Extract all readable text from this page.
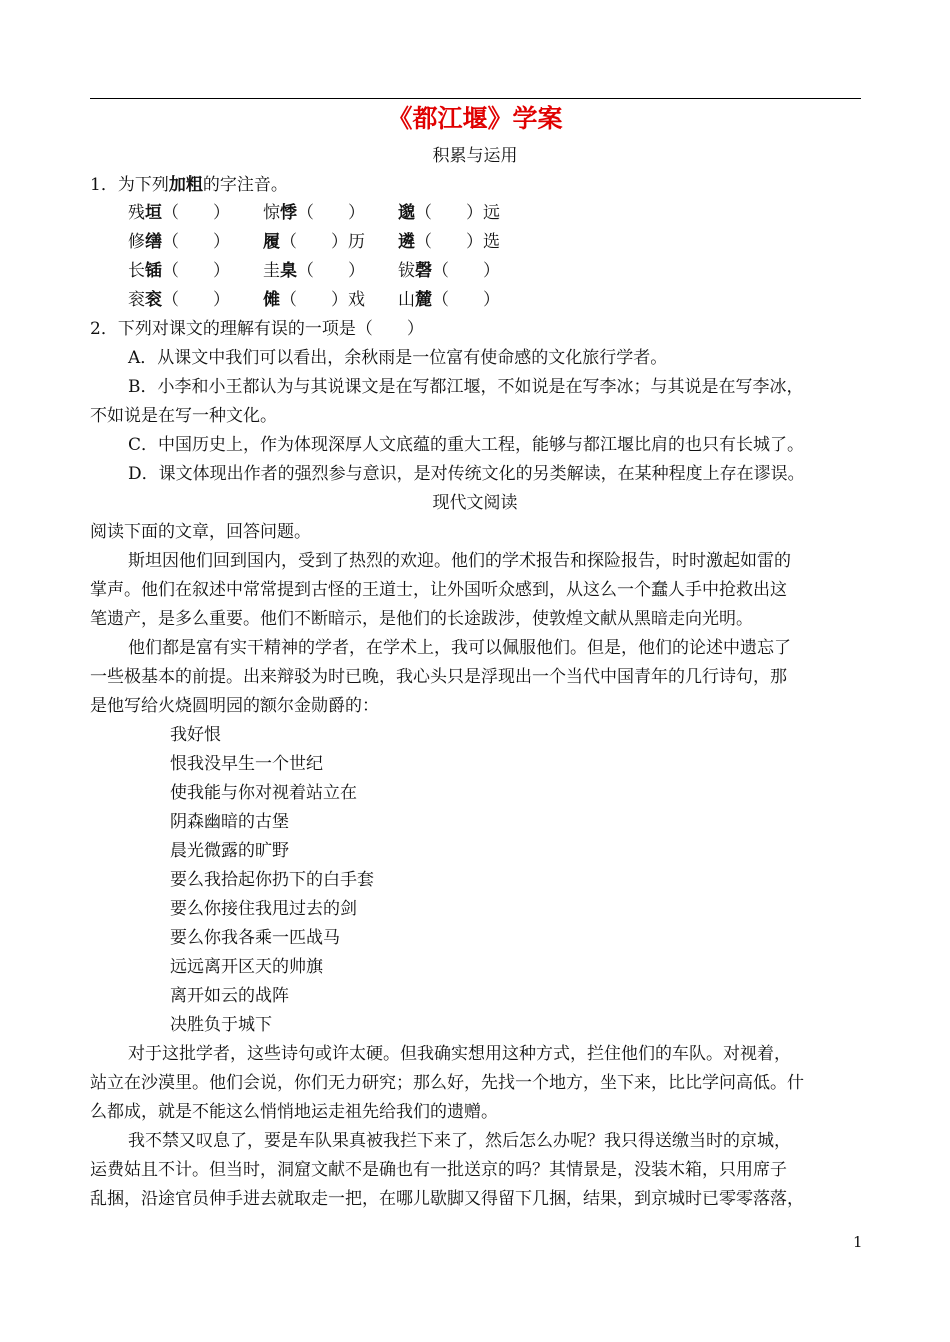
《都江堰》学案
积累与运用
1．为下列加粗的字注音。
残垣（　　） 惊悸（　　） 邈（　　）远
修缮（　　） 履（　　）历 遴（　　）选
长锸（　　） 圭臬（　　） 钹磬（　　）
衮衮（　　） 傩（　　）戏 山麓（　　）
2．下列对课文的理解有误的一项是（　　）
A．从课文中我们可以看出，余秋雨是一位富有使命感的文化旅行学者。
B．小李和小王都认为与其说课文是在写都江堰，不如说是在写李冰；与其说是在写李冰，
不如说是在写一种文化。
C．中国历史上，作为体现深厚人文底蕴的重大工程，能够与都江堰比肩的也只有长城了。
D．课文体现出作者的强烈参与意识，是对传统文化的另类解读，在某种程度上存在谬误。
现代文阅读
阅读下面的文章，回答问题。
斯坦因他们回到国内，受到了热烈的欢迎。他们的学术报告和探险报告，时时激起如雷的
掌声。他们在叙述中常常提到古怪的王道士，让外国听众感到，从这么一个蠢人手中抢救出这
笔遗产，是多么重要。他们不断暗示，是他们的长途跋涉，使敦煌文献从黑暗走向光明。
他们都是富有实干精神的学者，在学术上，我可以佩服他们。但是，他们的论述中遗忘了
一些极基本的前提。出来辩驳为时已晚，我心头只是浮现出一个当代中国青年的几行诗句，那
是他写给火烧圆明园的额尔金勋爵的：
我好恨
恨我没早生一个世纪
使我能与你对视着站立在
阴森幽暗的古堡
晨光微露的旷野
要么我拾起你扔下的白手套
要么你接住我甩过去的剑
要么你我各乘一匹战马
远远离开区天的帅旗
离开如云的战阵
决胜负于城下
对于这批学者，这些诗句或许太硬。但我确实想用这种方式，拦住他们的车队。对视着，
站立在沙漠里。他们会说，你们无力研究；那么好，先找一个地方，坐下来，比比学问高低。什
么都成，就是不能这么悄悄地运走祖先给我们的遗赠。
我不禁又叹息了，要是车队果真被我拦下来了，然后怎么办呢？我只得送缴当时的京城，
运费姑且不计。但当时，洞窟文献不是确也有一批送京的吗？其情景是，没装木箱，只用席子
乱捆，沿途官员伸手进去就取走一把，在哪儿歇脚又得留下几捆，结果，到京城时已零零落落，
1
